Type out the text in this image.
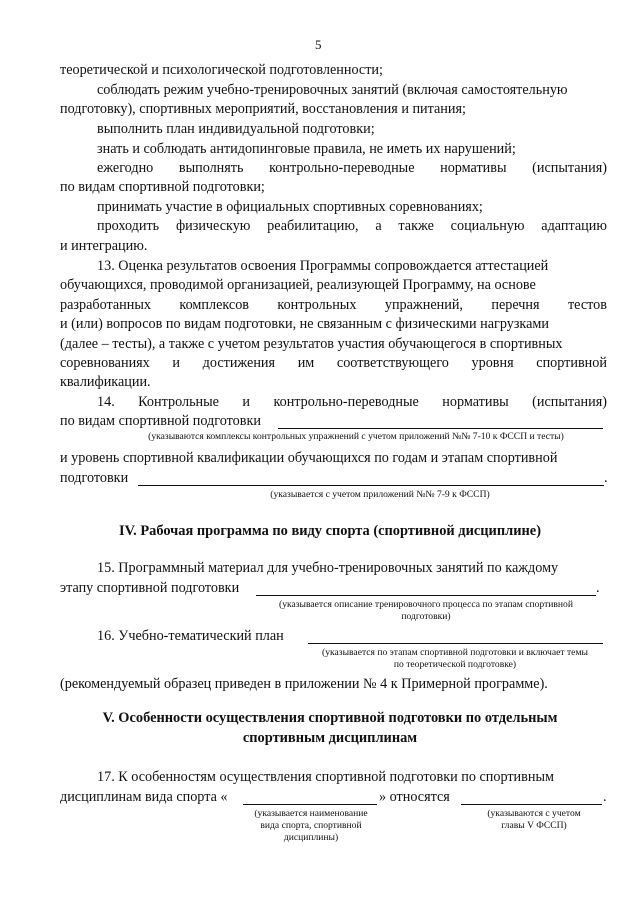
5
теоретической и психологической подготовленности;
соблюдать режим учебно-тренировочных занятий (включая самостоятельную
подготовку), спортивных мероприятий, восстановления и питания;
выполнить план индивидуальной подготовки;
знать и соблюдать антидопинговые правила, не иметь их нарушений;
ежегодно выполнять контрольно-переводные нормативы (испытания)
по видам спортивной подготовки;
принимать участие в официальных спортивных соревнованиях;
проходить физическую реабилитацию, а также социальную адаптацию
и интеграцию.
13. Оценка результатов освоения Программы сопровождается аттестацией
обучающихся, проводимой организацией, реализующей Программу, на основе
разработанных комплексов контрольных упражнений, перечня тестов
и (или) вопросов по видам подготовки, не связанным с физическими нагрузками
(далее – тесты), а также с учетом результатов участия обучающегося в спортивных
соревнованиях и достижения им соответствующего уровня спортивной
квалификации.
14. Контрольные и контрольно-переводные нормативы (испытания)
по видам спортивной подготовки
(указываются комплексы контрольных упражнений с учетом приложений №№ 7-10 к ФССП и тесты)
и уровень спортивной квалификации обучающихся по годам и этапам спортивной
подготовки	.
(указывается с учетом приложений №№ 7-9 к ФССП)
IV. Рабочая программа по виду спорта (спортивной дисциплине)
15. Программный материал для учебно-тренировочных занятий по каждому
этапу спортивной подготовки	.
(указывается описание тренировочного процесса по этапам спортивной
подготовки)
16. Учебно-тематический план
(указывается по этапам спортивной подготовки и включает темы
по теоретической подготовке)
(рекомендуемый образец приведен в приложении № 4 к Примерной программе).
V. Особенности осуществления спортивной подготовки по отдельным
спортивным дисциплинам
17. К особенностям осуществления спортивной подготовки по спортивным
дисциплинам вида спорта «	» относятся	.
(указывается наименование
вида спорта, спортивной
дисциплины)
(указываются с учетом
главы V ФССП)
